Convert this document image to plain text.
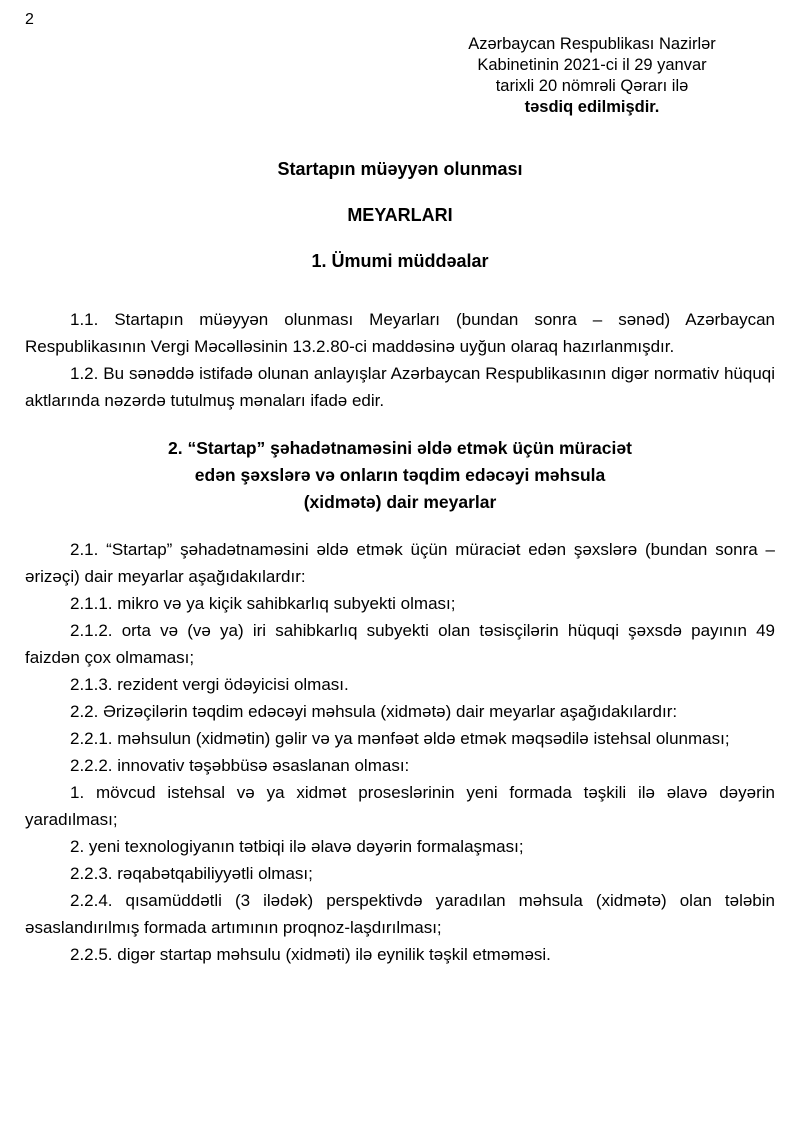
2
Azərbaycan Respublikası Nazirlər
Kabinetinin 2021-ci il 29 yanvar
tarixli 20 nömrəli Qərarı ilə
təsdiq edilmişdir.
Startapın müəyyən olunması
MEYARLARI
1. Ümumi müddəalar

1.1. Startapın müəyyən olunması Meyarları (bundan sonra – sənəd) Azərbaycan Respublikasının Vergi Məcəlləsinin 13.2.80-ci maddəsinə uyğun olaraq hazırlanmışdır.

1.2. Bu sənəddə istifadə olunan anlayışlar Azərbaycan Respublikasının digər normativ hüquqi aktlarında nəzərdə tutulmuş mənaları ifadə edir.

2. “Startap” şəhadətnaməsini əldə etmək üçün müraciət
edən şəxslərə və onların təqdim edəcəyi məhsula
(xidmətə) dair meyarlar

2.1. “Startap” şəhadətnaməsini əldə etmək üçün müraciət edən şəxslərə (bundan sonra – ərizəçi) dair meyarlar aşağıdakılardır:

2.1.1. mikro və ya kiçik sahibkarlıq subyekti olması;

2.1.2. orta və (və ya) iri sahibkarlıq subyekti olan təsisçilərin hüquqi şəxsdə payının 49 faizdən çox olmaması;

2.1.3. rezident vergi ödəyicisi olması.

2.2. Ərizəçilərin təqdim edəcəyi məhsula (xidmətə) dair meyarlar aşağıdakılardır:

2.2.1. məhsulun (xidmətin) gəlir və ya mənfəət əldə etmək məqsədilə istehsal olunması;

2.2.2. innovativ təşəbbüsə əsaslanan olması:

1. mövcud istehsal və ya xidmət proseslərinin yeni formada təşkili ilə əlavə dəyərin yaradılması;

2. yeni texnologiyanın tətbiqi ilə əlavə dəyərin formalaşması;

2.2.3. rəqabətqabiliyyətli olması;

2.2.4. qısamüddətli (3 ilədək) perspektivdə yaradılan məhsula (xidmətə) olan tələbin əsaslandırılmış formada artımının proqnoz-laşdırılması;

2.2.5. digər startap məhsulu (xidməti) ilə eynilik təşkil etməməsi.
